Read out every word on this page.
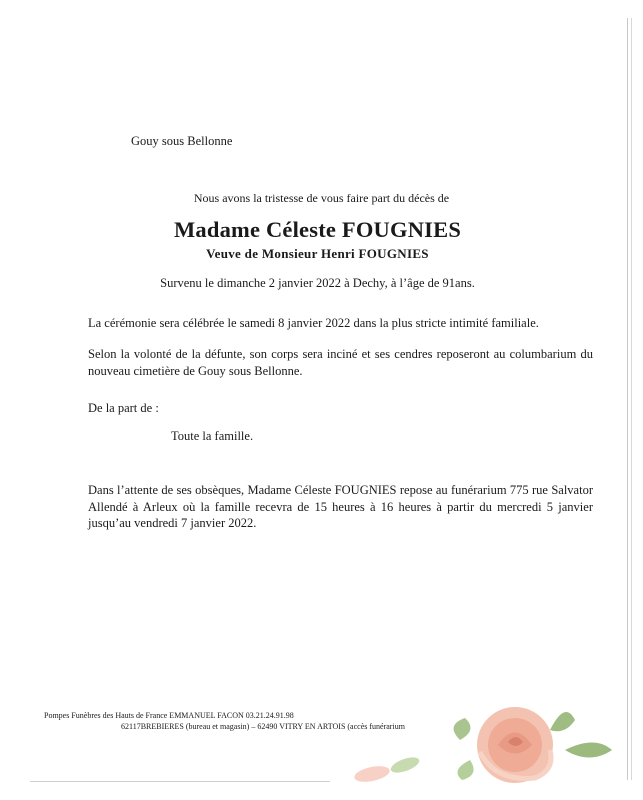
Gouy sous Bellonne
Nous avons la tristesse de vous faire part du décès de
Madame Céleste FOUGNIES
Veuve de Monsieur Henri FOUGNIES
Survenu le dimanche 2 janvier 2022 à Dechy, à l’âge de 91ans.
La cérémonie sera célébrée le samedi 8 janvier 2022 dans la plus stricte intimité familiale.
Selon la volonté de la défunte, son corps sera inciné et ses cendres reposeront au columbarium du nouveau cimetière de Gouy sous Bellonne.
De la part de :
Toute la famille.
Dans l’attente de ses obsèques, Madame Céleste FOUGNIES repose au funérarium 775 rue Salvator Allendé à Arleux où la famille recevra de 15 heures à 16 heures à partir du mercredi 5 janvier jusqu’au vendredi 7 janvier 2022.
Pompes Funèbres des Hauts de France EMMANUEL FACON 03.21.24.91.98
62117BREBIERES (bureau et magasin) – 62490 VITRY EN ARTOIS (accès funérarium
